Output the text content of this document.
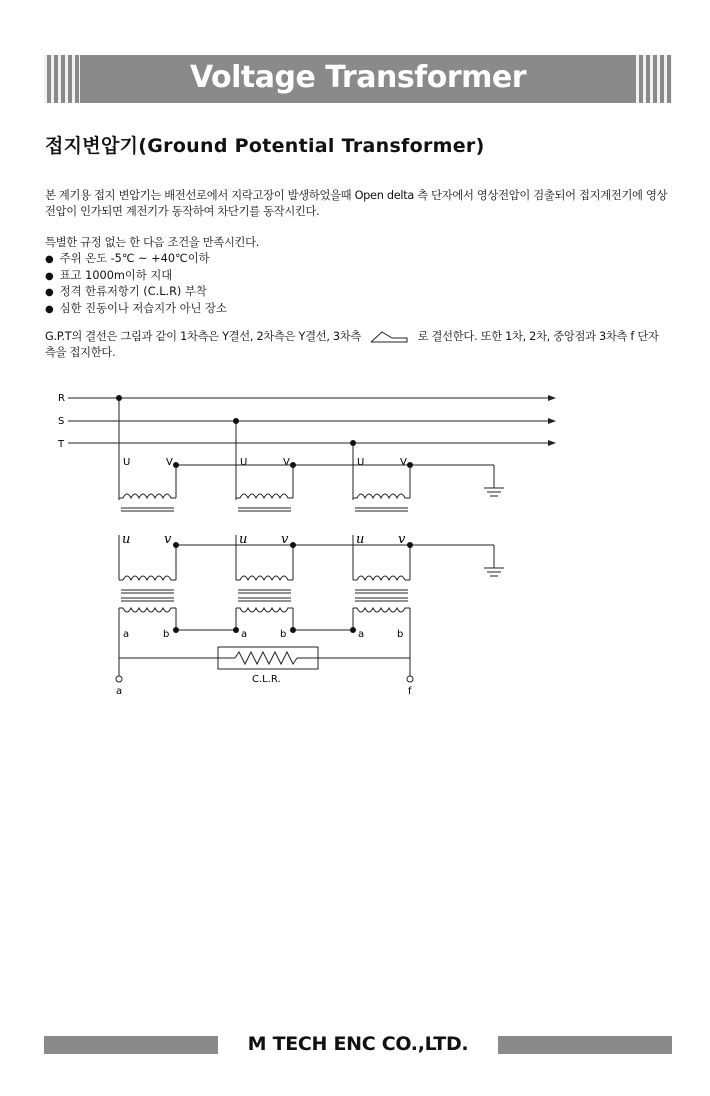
Voltage Transformer
접지변압기(Ground Potential Transformer)
본 계기용 접지 변압기는 배전선로에서 지락고장이 발생하었을때 Open delta 측 단자에서 영상전압이 검출되어 접지계전기에 영상전압이 인가되면 계전기가 동작하여 차단기를 동작시킨다.
특별한 규정 없는 한 다음 조건을 만족시킨다.
● 주위 온도 -5℃ ~ +40℃이하
● 표고 1000m이하 지대
● 정격 한류저항기 (C.L.R) 부착
● 심한 진동이나 저습지가 아닌 장소
G.P.T의 결선은 그림과 같이 1차측은 Y결선, 2차측은 Y결선, 3차측	로 결선한다. 또한 1차, 2차, 중앙점과 3차측 f 단자 측을 접지한다.
R
S
T
U	V	U	V	U	V
u	v	u	v	u	v
a	b	a	b	a	b
C.L.R.
a	f
M TECH ENC CO.,LTD.
